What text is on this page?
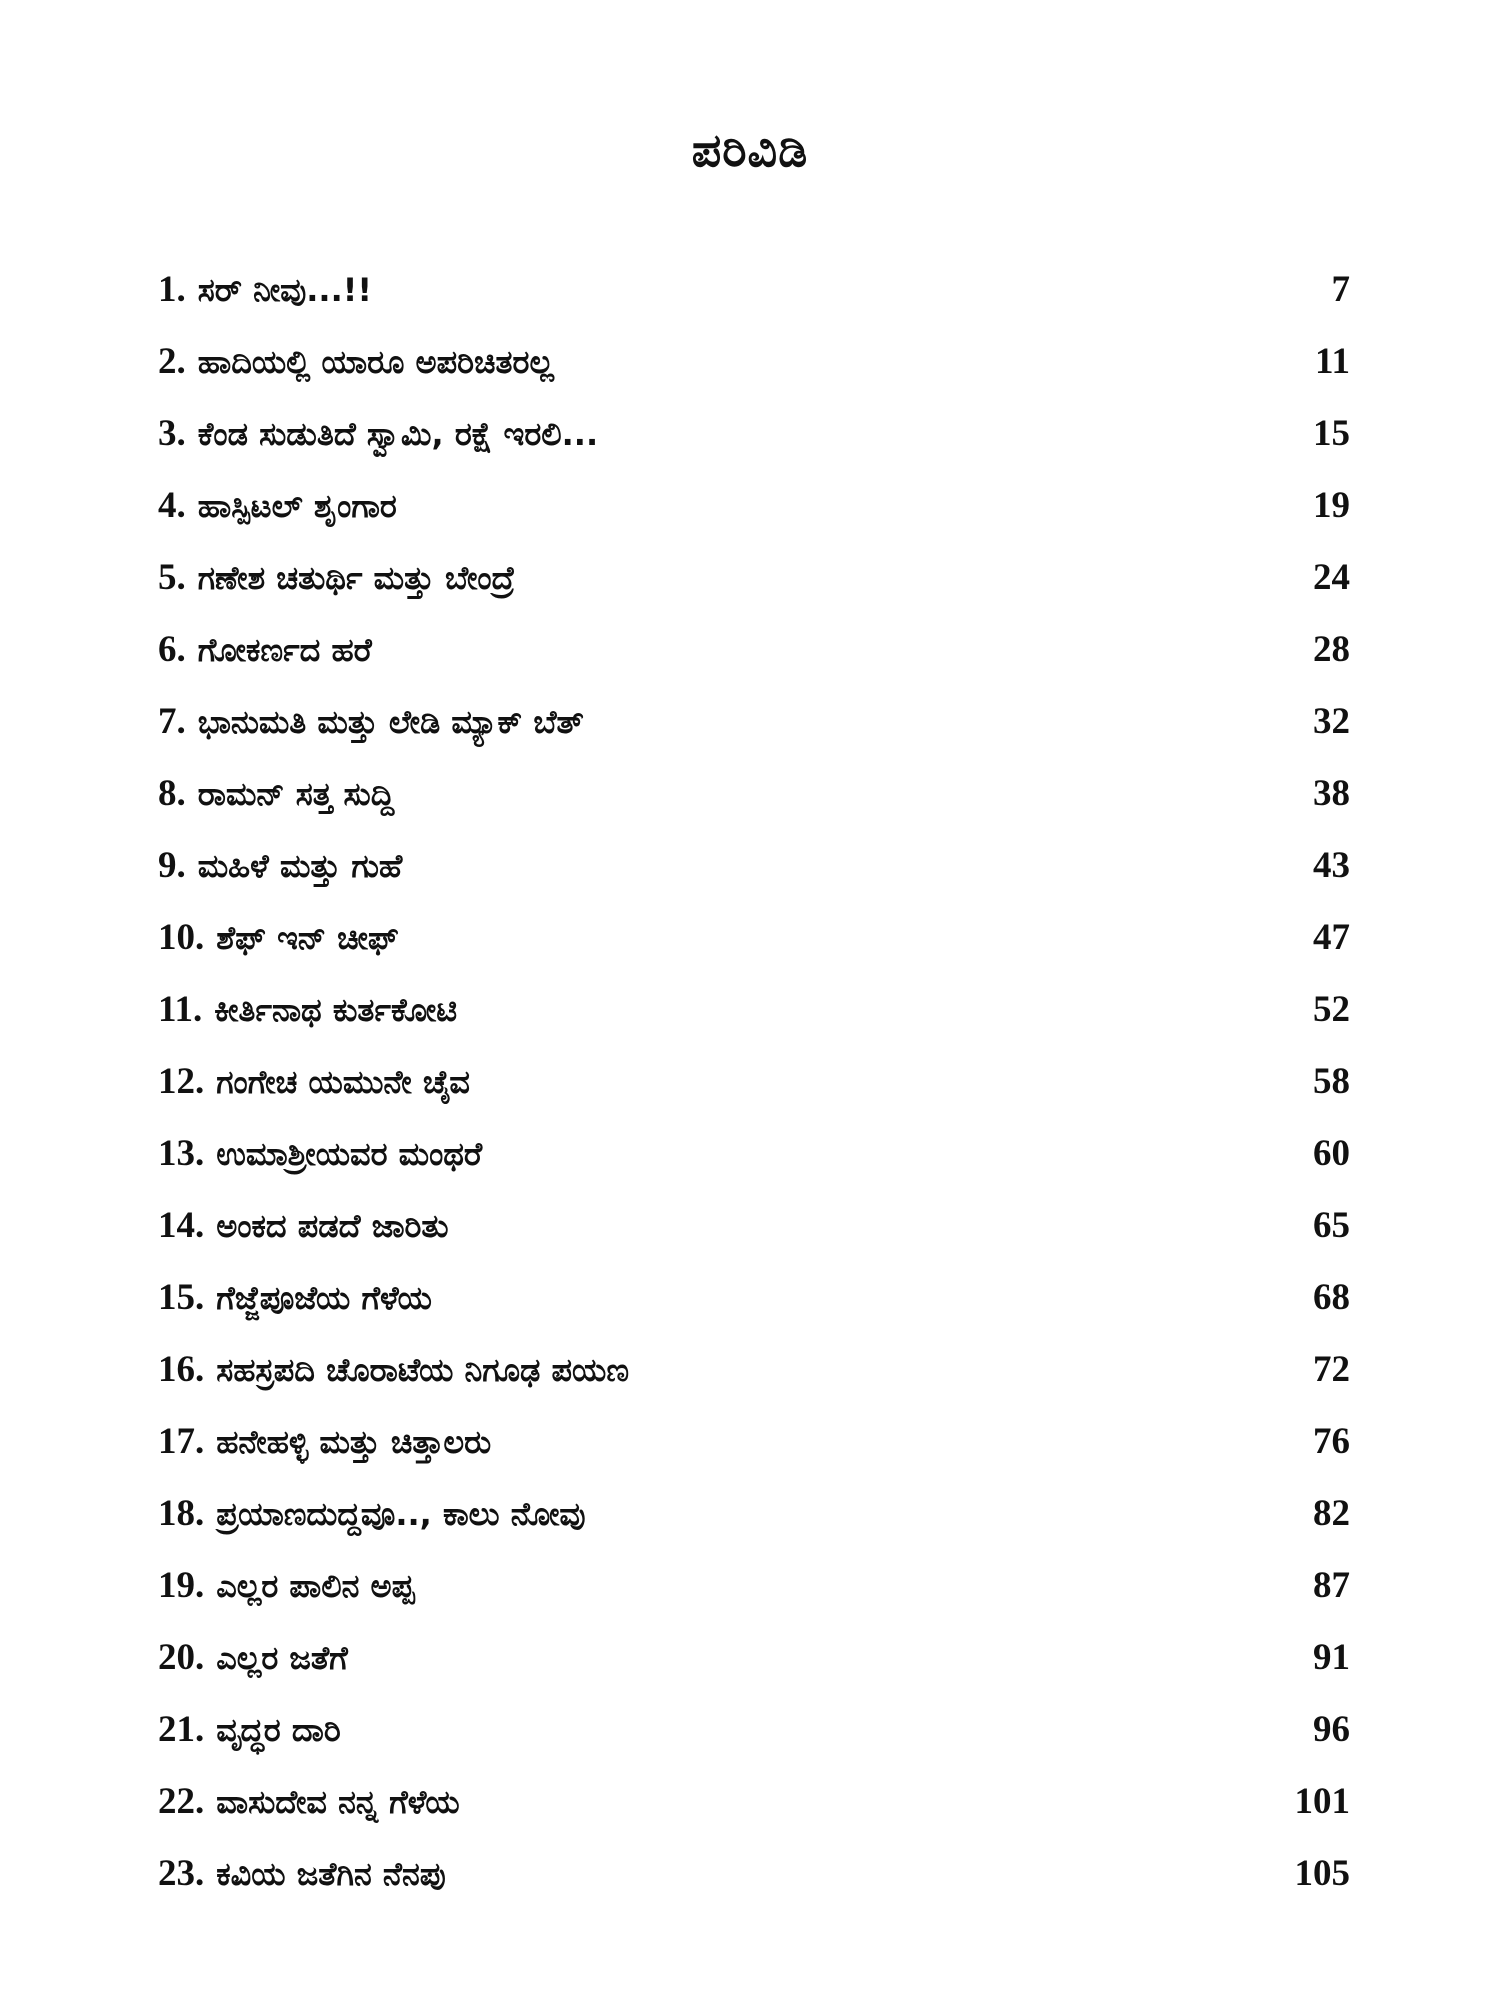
ಪರಿವಿಡಿ
1. ಸರ್ ನೀವು...!!	7
2. ಹಾದಿಯಲ್ಲಿ ಯಾರೂ ಅಪರಿಚಿತರಲ್ಲ	11
3. ಕೆಂಡ ಸುಡುತಿದೆ ಸ್ವಾಮಿ, ರಕ್ಷೆ ಇರಲಿ...	15
4. ಹಾಸ್ಪಿಟಲ್ ಶೃಂಗಾರ	19
5. ಗಣೇಶ ಚತುರ್ಥಿ ಮತ್ತು ಬೇಂದ್ರೆ	24
6. ಗೋಕರ್ಣದ ಹರೆ	28
7. ಭಾನುಮತಿ ಮತ್ತು ಲೇಡಿ ಮ್ಯಾಕ್ ಬೆತ್	32
8. ರಾಮನ್ ಸತ್ತ ಸುದ್ದಿ	38
9. ಮಹಿಳೆ ಮತ್ತು ಗುಹೆ	43
10. ಶೆಫ್ ಇನ್ ಚೀಫ್	47
11. ಕೀರ್ತಿನಾಥ ಕುರ್ತಕೋಟಿ	52
12. ಗಂಗೇಚ ಯಮುನೇ ಚೈವ	58
13. ಉಮಾಶ್ರೀಯವರ ಮಂಥರೆ	60
14. ಅಂಕದ ಪಡದೆ ಜಾರಿತು	65
15. ಗೆಜ್ಜೆಪೂಜೆಯ ಗೆಳೆಯ	68
16. ಸಹಸ್ರಪದಿ ಚೊರಾಟೆಯ ನಿಗೂಢ ಪಯಣ	72
17. ಹನೇಹಳ್ಳಿ ಮತ್ತು ಚಿತ್ತಾಲರು	76
18. ಪ್ರಯಾಣದುದ್ದವೂ.., ಕಾಲು ನೋವು	82
19. ಎಲ್ಲರ ಪಾಲಿನ ಅಪ್ಪ	87
20. ಎಲ್ಲರ ಜತೆಗೆ	91
21. ವೃದ್ಧರ ದಾರಿ	96
22. ವಾಸುದೇವ ನನ್ನ ಗೆಳೆಯ	101
23. ಕವಿಯ ಜತೆಗಿನ ನೆನಪು	105
